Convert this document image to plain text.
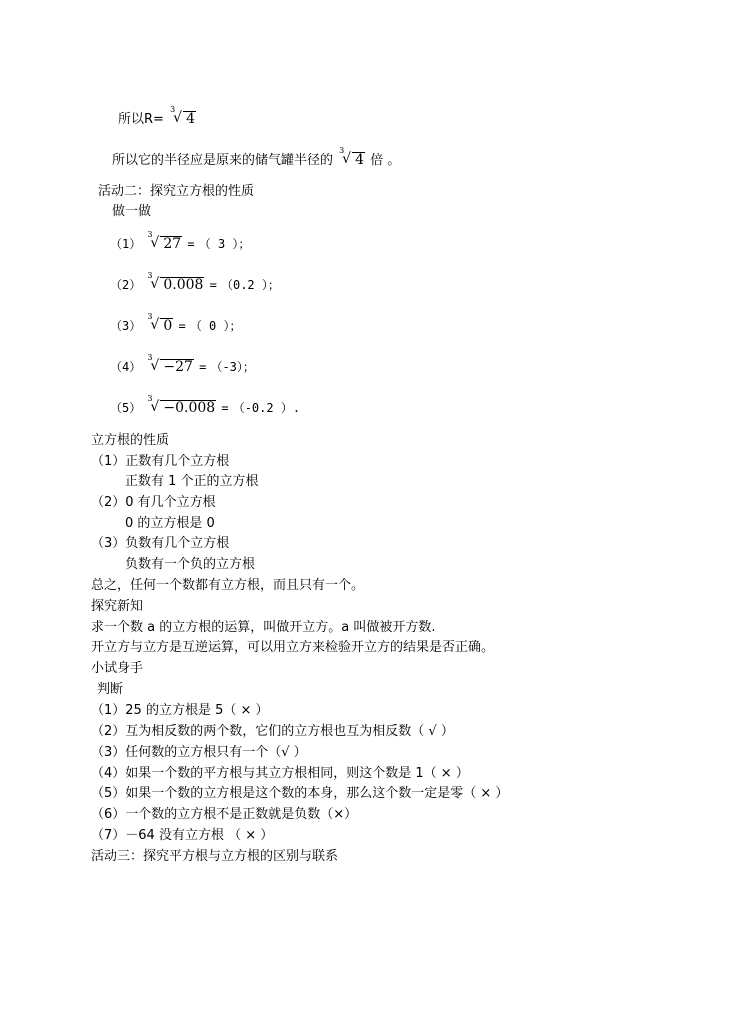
所以R=
3
√ 4
所以它的半径应是原来的储气罐半径的
3
√ 4 倍 。
活动二：探究立方根的性质
做一做
（1）
3
√ 27 = （ 3 ）；
（2）
3
√ 0.008 = （0.2 ）；
（3）
3
√ 0 = （ 0 ）；
（4）
3
√ −27 = （-3）；
（5）
3
√ −0.008 = （-0.2 ）.
立方根的性质
（1）正数有几个立方根
正数有 1 个正的立方根
（2）0 有几个立方根
0 的立方根是 0
（3）负数有几个立方根
负数有一个负的立方根
总之，任何一个数都有立方根，而且只有一个。
探究新知
求一个数 a 的立方根的运算，叫做开立方。a 叫做被开方数.
开立方与立方是互逆运算，可以用立方来检验开立方的结果是否正确。
小试身手
判断
（1）25 的立方根是 5（ × ）
（2）互为相反数的两个数，它们的立方根也互为相反数（ √ ）
（3）任何数的立方根只有一个（√ ）
（4）如果一个数的平方根与其立方根相同，则这个数是 1（ × ）
（5）如果一个数的立方根是这个数的本身，那么这个数一定是零（ × ）
（6）一个数的立方根不是正数就是负数（×）
（7）－64 没有立方根 （ × ）
活动三：探究平方根与立方根的区别与联系
